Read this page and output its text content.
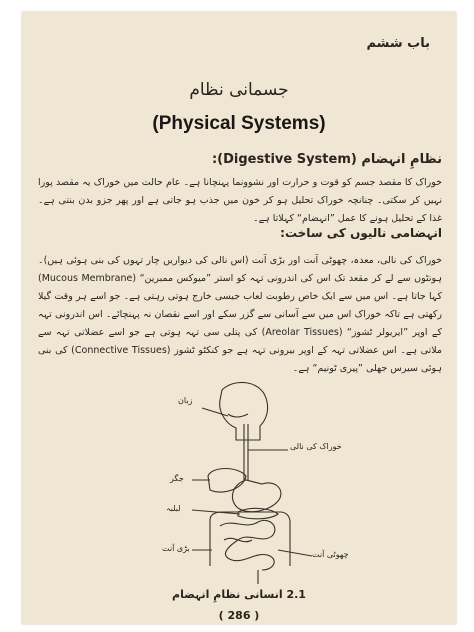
باب ششم
جسمانی نظام
(Physical Systems)
نظامِ انہضام (Digestive System):

خوراک کا مقصد جسم کو قوت و حرارت اور نشوونما پہنچانا ہے۔ عام حالت میں خوراک یہ مقصد پورا نہیں کر سکتی۔ چنانچہ خوراک تحلیل ہو کر خون میں جذب ہو جاتی ہے اور پھر جزو بدن بنتی ہے۔ غذا کے تحلیل ہونے کا عمل ”انہضام“ کہلاتا ہے۔

انہضامی نالیوں کی ساخت:

خوراک کی نالی، معدہ، چھوٹی آنت اور بڑی آنت (اس نالی کی دیواریں چار تہوں کی بنی ہوئی ہیں)۔ ہونٹوں سے لے کر مقعد تک اس کی اندرونی تہہ کو استر ”میوکس ممبرین“ (Mucous Membrane) کہا جاتا ہے۔ اس میں سے ایک خاص رطوبت لعاب جیسی خارج ہوتی رہتی ہے۔ جو اسے ہر وقت گیلا رکھتی ہے تاکہ خوراک اس میں سے آسانی سے گزر سکے اور اسے نقصان نہ پہنچائے۔ اس اندرونی تہہ کے اوپر ”ایریولر ٹشوز“ (Areolar Tissues) کی پتلی سی تہہ ہوتی ہے جو اسے عضلاتی تہہ سے ملاتی ہے۔ اس عضلاتی تہہ کے اوپر بیرونی تہہ ہے جو کنکٹو ٹشوز (Connective Tissues) کی بنی ہوئی سیرس جھلی ”پیری ٹونیم“ ہے۔

زبان
خوراک کی نالی
جگر
لبلبہ
بڑی آنت
چھوٹی آنت
2.1 انسانی نظامِ انہضام
( 286 )
